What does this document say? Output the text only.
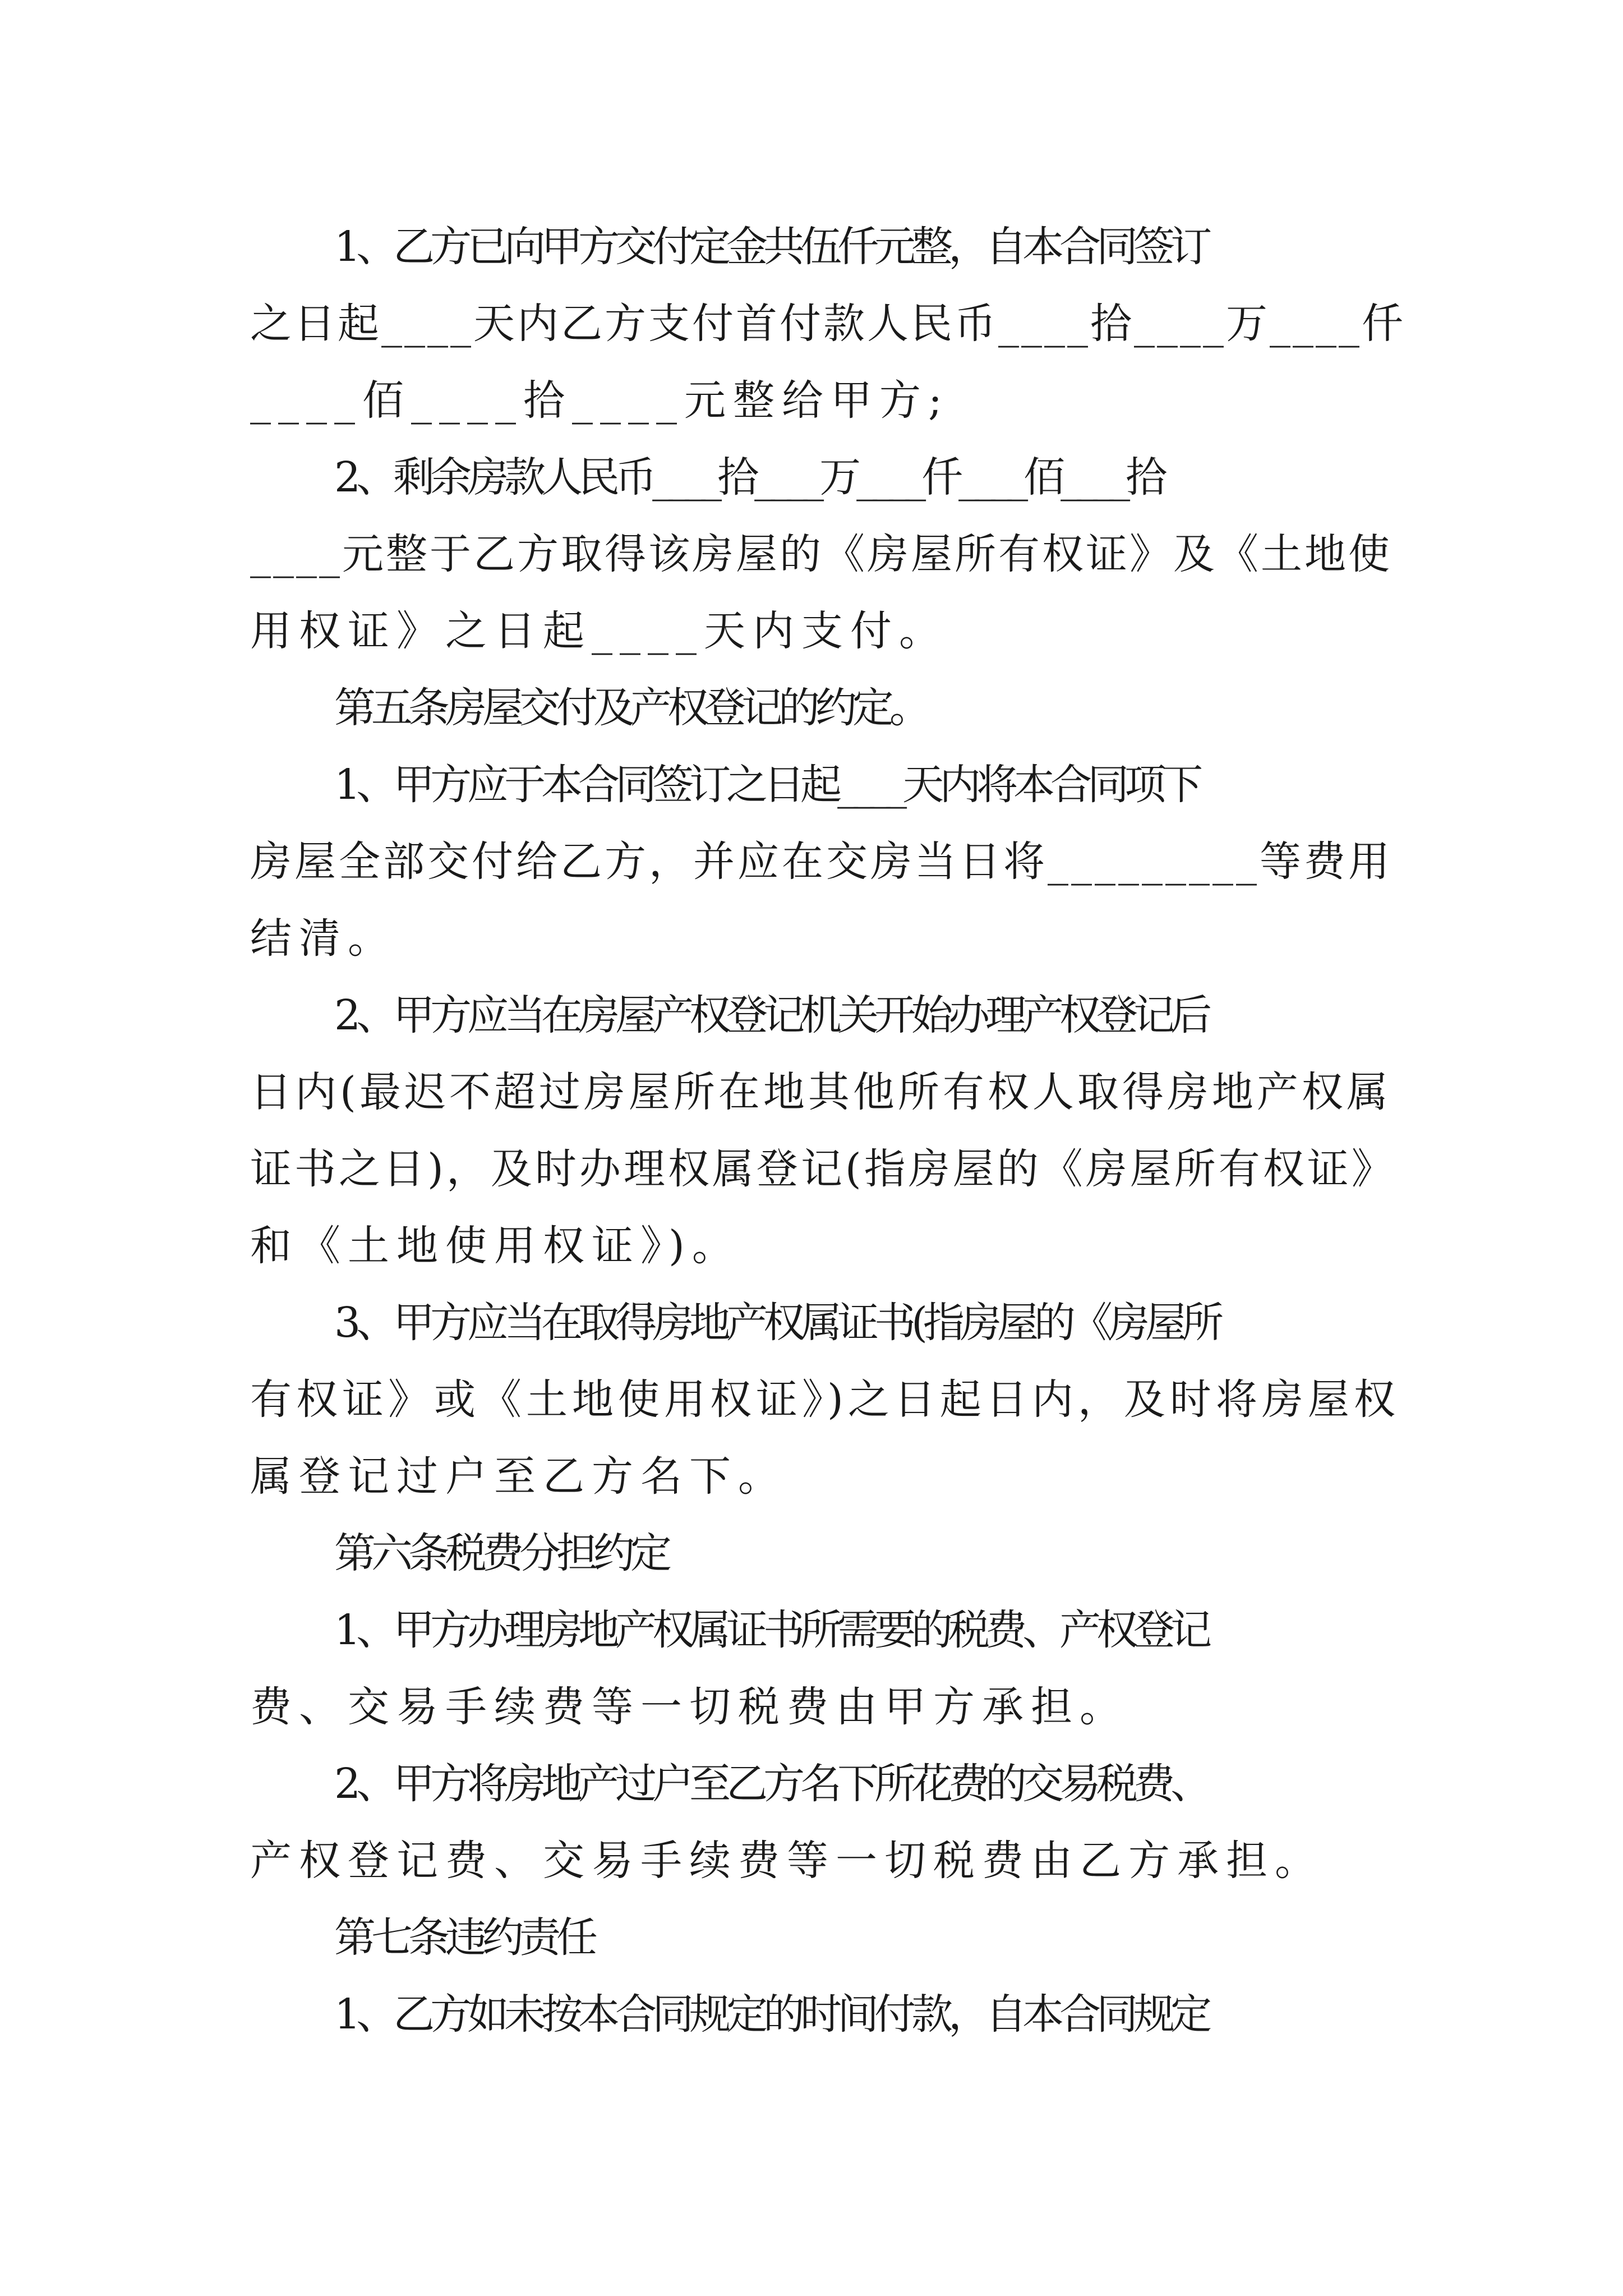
1、乙方已向甲方交付定金共伍仟元整，自本合同签订
之日起____天内乙方支付首付款人民币____拾____万____仟
____佰____拾____元整给甲方;
2、剩余房款人民币____拾____万____仟____佰____拾
____元整于乙方取得该房屋的《房屋所有权证》及《土地使
用权证》之日起____天内支付。
第五条房屋交付及产权登记的约定。
1、甲方应于本合同签订之日起____天内将本合同项下
房屋全部交付给乙方，并应在交房当日将_________等费用
结清。
2、甲方应当在房屋产权登记机关开始办理产权登记后
日内(最迟不超过房屋所在地其他所有权人取得房地产权属
证书之日)，及时办理权属登记(指房屋的《房屋所有权证》
和《土地使用权证》)。
3、甲方应当在取得房地产权属证书(指房屋的《房屋所
有权证》或《土地使用权证》)之日起日内，及时将房屋权
属登记过户至乙方名下。
第六条税费分担约定
1、甲方办理房地产权属证书所需要的税费、产权登记
费、交易手续费等一切税费由甲方承担。
2、甲方将房地产过户至乙方名下所花费的交易税费、
产权登记费、交易手续费等一切税费由乙方承担。
第七条违约责任
1、乙方如未按本合同规定的时间付款，自本合同规定
